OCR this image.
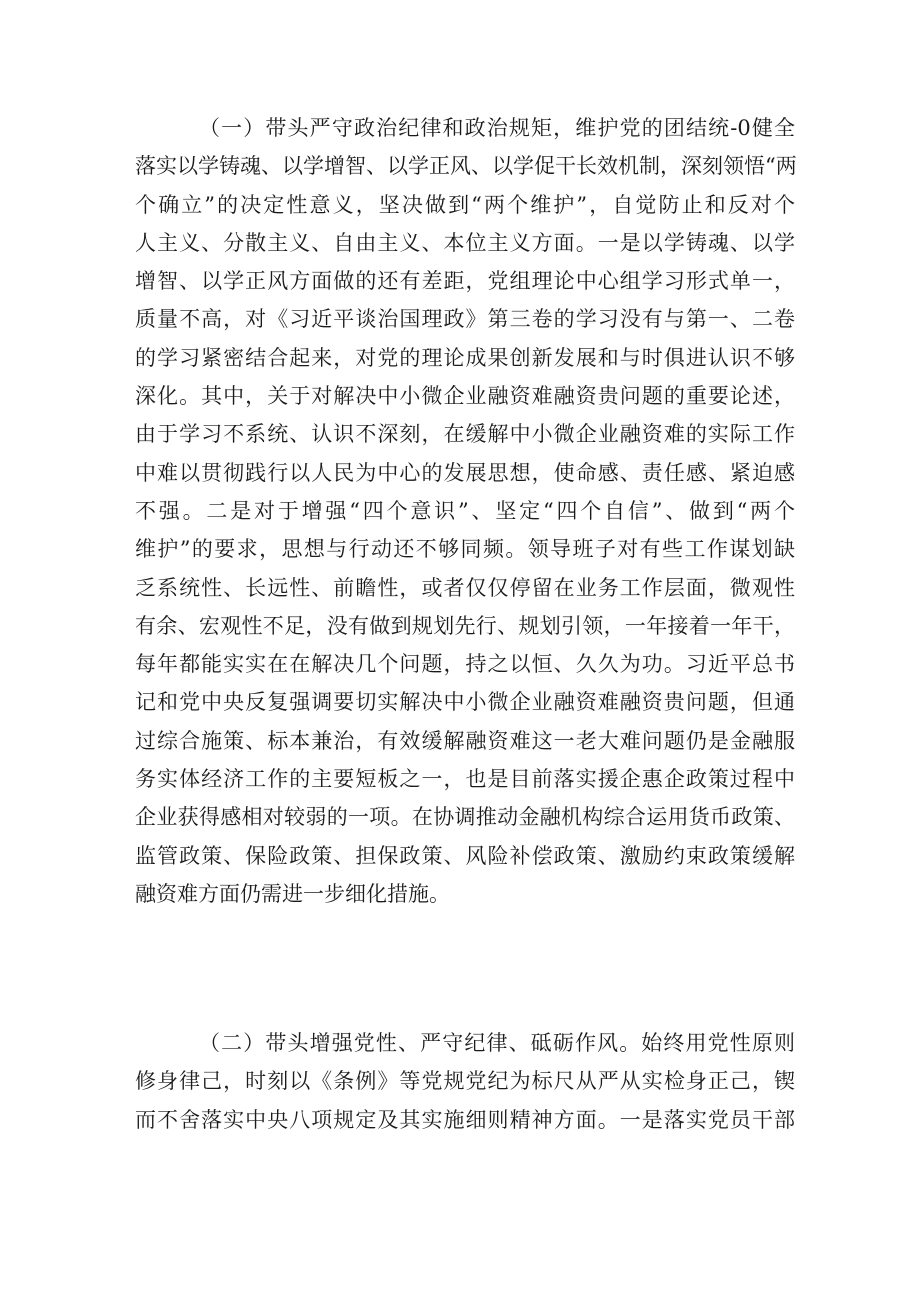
（一）带头严守政治纪律和政治规矩，维护党的团结统-0健全
落实以学铸魂、以学增智、以学正风、以学促干长效机制，深刻领悟“两
个确立”的决定性意义，坚决做到“两个维护”，自觉防止和反对个
人主义、分散主义、自由主义、本位主义方面。一是以学铸魂、以学
增智、以学正风方面做的还有差距，党组理论中心组学习形式单一，
质量不高，对《习近平谈治国理政》第三卷的学习没有与第一、二卷
的学习紧密结合起来，对党的理论成果创新发展和与时俱进认识不够
深化。其中，关于对解决中小微企业融资难融资贵问题的重要论述，
由于学习不系统、认识不深刻，在缓解中小微企业融资难的实际工作
中难以贯彻践行以人民为中心的发展思想，使命感、责任感、紧迫感
不强。二是对于增强“四个意识”、坚定“四个自信”、做到“两个
维护”的要求，思想与行动还不够同频。领导班子对有些工作谋划缺
乏系统性、长远性、前瞻性，或者仅仅停留在业务工作层面，微观性
有余、宏观性不足，没有做到规划先行、规划引领，一年接着一年干，
每年都能实实在在解决几个问题，持之以恒、久久为功。习近平总书
记和党中央反复强调要切实解决中小微企业融资难融资贵问题，但通
过综合施策、标本兼治，有效缓解融资难这一老大难问题仍是金融服
务实体经济工作的主要短板之一，也是目前落实援企惠企政策过程中
企业获得感相对较弱的一项。在协调推动金融机构综合运用货币政策、
监管政策、保险政策、担保政策、风险补偿政策、激励约束政策缓解
融资难方面仍需进一步细化措施。
（二）带头增强党性、严守纪律、砥砺作风。始终用党性原则
修身律己，时刻以《条例》等党规党纪为标尺从严从实检身正己，锲
而不舍落实中央八项规定及其实施细则精神方面。一是落实党员干部
